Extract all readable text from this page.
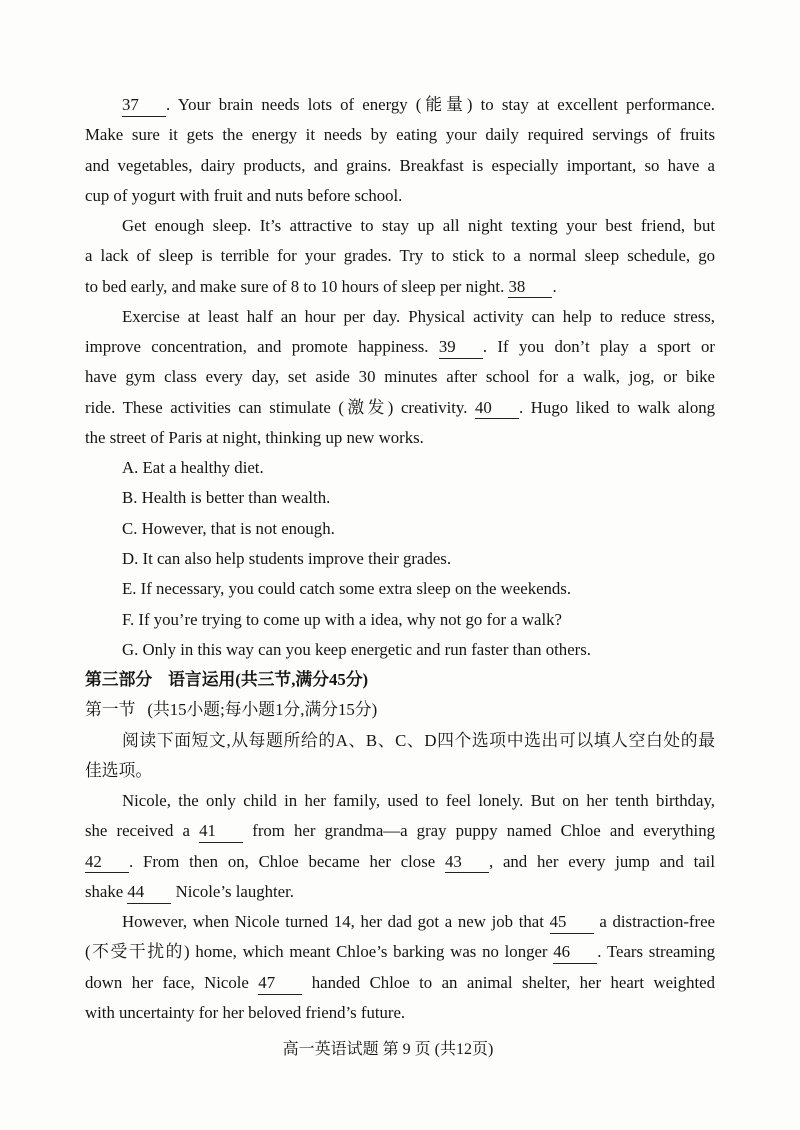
37 . Your brain needs lots of energy (能量) to stay at excellent performance.
Make sure it gets the energy it needs by eating your daily required servings of fruits
and vegetables, dairy products, and grains. Breakfast is especially important, so have a
cup of yogurt with fruit and nuts before school.
Get enough sleep. It’s attractive to stay up all night texting your best friend, but
a lack of sleep is terrible for your grades. Try to stick to a normal sleep schedule, go
to bed early, and make sure of 8 to 10 hours of sleep per night. 38 .
Exercise at least half an hour per day. Physical activity can help to reduce stress,
improve concentration, and promote happiness. 39 . If you don’t play a sport or
have gym class every day, set aside 30 minutes after school for a walk, jog, or bike
ride. These activities can stimulate (激发) creativity. 40 . Hugo liked to walk along
the street of Paris at night, thinking up new works.
A. Eat a healthy diet.
B. Health is better than wealth.
C. However, that is not enough.
D. It can also help students improve their grades.
E. If necessary, you could catch some extra sleep on the weekends.
F. If you’re trying to come up with a idea, why not go for a walk?
G. Only in this way can you keep energetic and run faster than others.
第三部分 语言运用(共三节,满分45分)
第一节 (共15小题;每小题1分,满分15分)
阅读下面短文,从每题所给的A、B、C、D四个选项中选出可以填人空白处的最
佳选项。
Nicole, the only child in her family, used to feel lonely. But on her tenth birthday,
she received a 41 from her grandma—a gray puppy named Chloe and everything
42 . From then on, Chloe became her close 43 , and her every jump and tail
shake 44 Nicole’s laughter.
However, when Nicole turned 14, her dad got a new job that 45 a distraction-free
(不受干扰的) home, which meant Chloe’s barking was no longer 46 . Tears streaming
down her face, Nicole 47 handed Chloe to an animal shelter, her heart weighted
with uncertainty for her beloved friend’s future.
高一英语试题 第 9 页 (共12页)
